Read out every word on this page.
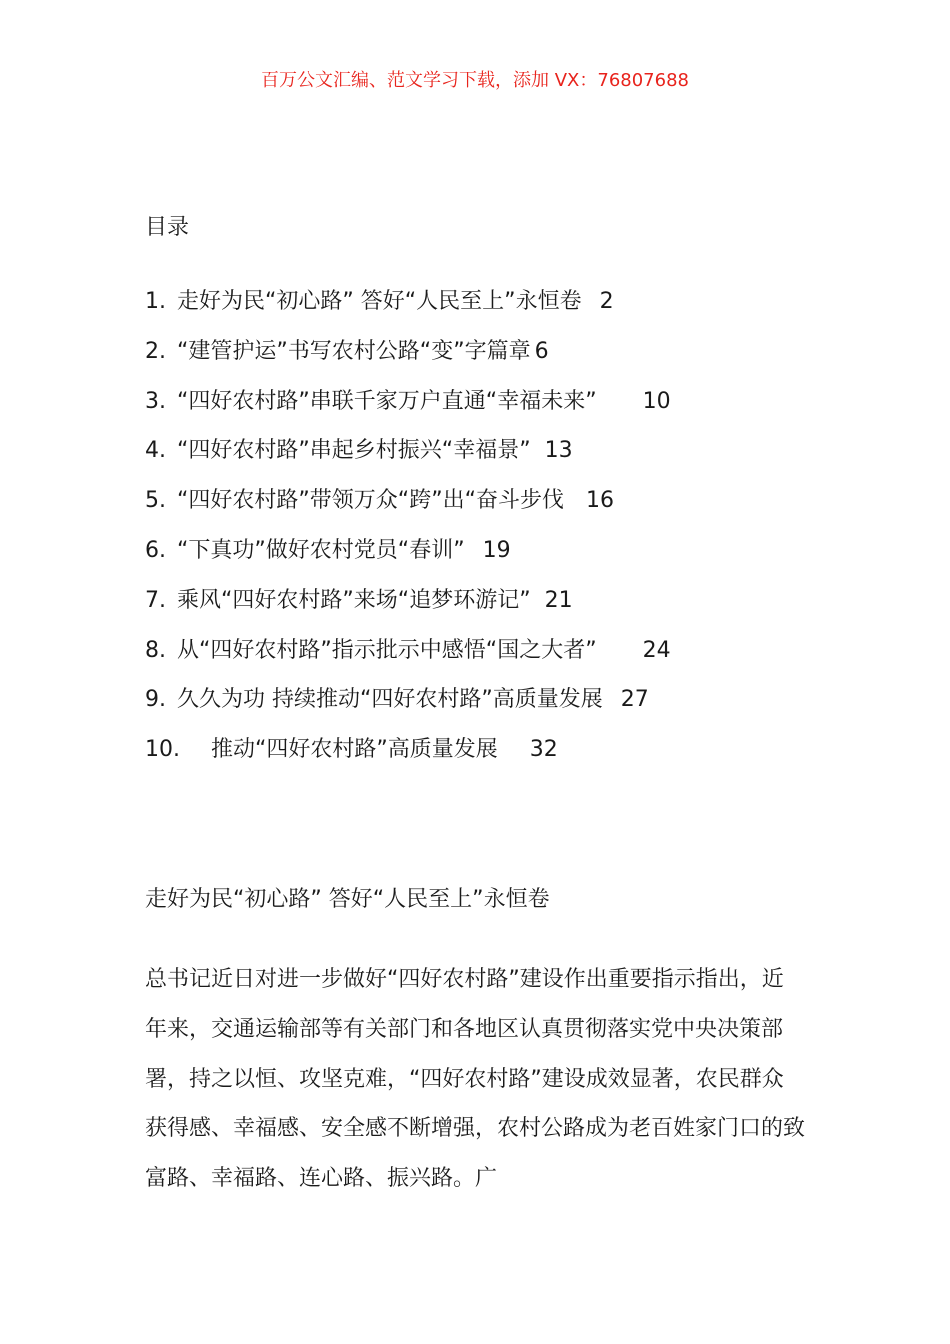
百万公文汇编、范文学习下载，添加 VX：76807688
目录
1. 走好为民“初心路” 答好“人民至上”永恒卷 2
2. “建管护运”书写农村公路“变”字篇章 6
3. “四好农村路”串联千家万户直通“幸福未来” 10
4. “四好农村路”串起乡村振兴“幸福景” 13
5. “四好农村路”带领万众“跨”出“奋斗步伐 16
6. “下真功”做好农村党员“春训” 19
7. 乘风“四好农村路”来场“追梦环游记” 21
8. 从“四好农村路”指示批示中感悟“国之大者” 24
9. 久久为功 持续推动“四好农村路”高质量发展 27
10. 推动“四好农村路”高质量发展 32
走好为民“初心路” 答好“人民至上”永恒卷

总书记近日对进一步做好“四好农村路”建设作出重要指示指出，近年来，交通运输部等有关部门和各地区认真贯彻落实党中央决策部署，持之以恒、攻坚克难，“四好农村路”建设成效显著，农民群众获得感、幸福感、安全感不断增强，农村公路成为老百姓家门口的致富路、幸福路、连心路、振兴路。广
